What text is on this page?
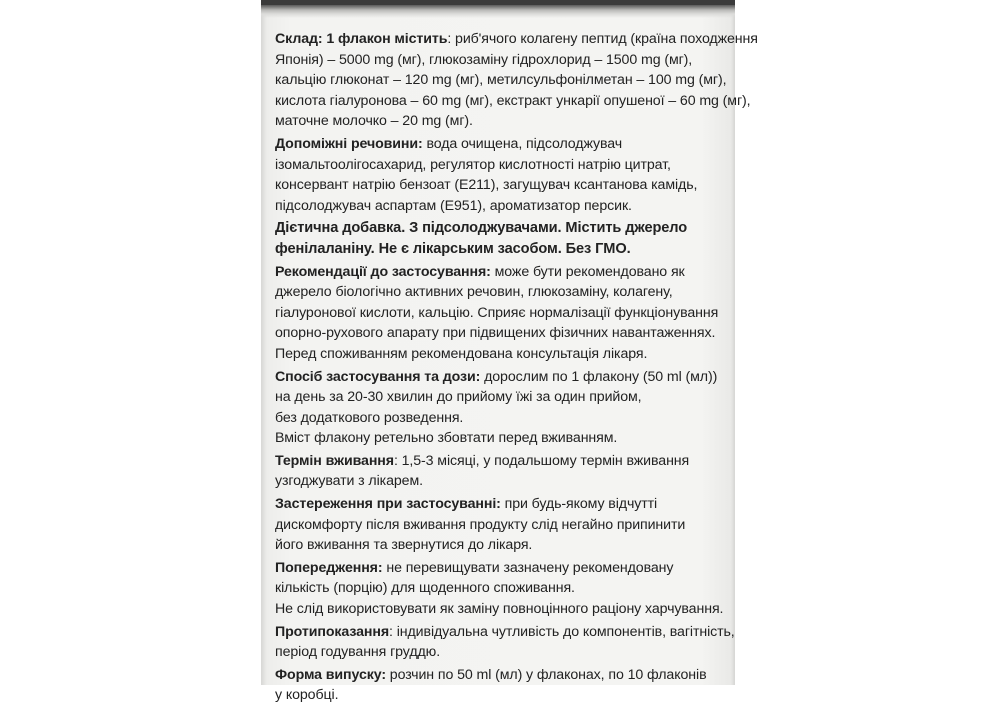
Склад: 1 флакон містить: риб'ячого колагену пептид (країна походження
Японія) – 5000 mg (мг), глюкозаміну гідрохлорид – 1500 mg (мг),
кальцію глюконат – 120 mg (мг), метилсульфонілметан – 100 mg (мг),
кислота гіалуронова – 60 mg (мг), екстракт ункарії опушеної – 60 mg (мг),
маточне молочко – 20 mg (мг).
Допоміжні речовини: вода очищена, підсолоджувач
ізомальтоолігосахарид, регулятор кислотності натрію цитрат,
консервант натрію бензоат (E211), загущувач ксантанова камідь,
підсолоджувач аспартам (E951), ароматизатор персик.
Дієтична добавка. З підсолоджувачами. Містить джерело
фенілаланіну. Не є лікарським засобом. Без ГМО.
Рекомендації до застосування: може бути рекомендовано як
джерело біологічно активних речовин, глюкозаміну, колагену,
гіалуронової кислоти, кальцію. Сприяє нормалізації функціонування
опорно-рухового апарату при підвищених фізичних навантаженнях.
Перед споживанням рекомендована консультація лікаря.
Спосіб застосування та дози: дорослим по 1 флакону (50 ml (мл))
на день за 20-30 хвилин до прийому їжі за один прийом,
без додаткового розведення.
Вміст флакону ретельно збовтати перед вживанням.
Термін вживання: 1,5-3 місяці, у подальшому термін вживання
узгоджувати з лікарем.
Застереження при застосуванні: при будь-якому відчутті
дискомфорту після вживання продукту слід негайно припинити
його вживання та звернутися до лікаря.
Попередження: не перевищувати зазначену рекомендовану
кількість (порцію) для щоденного споживання.
Не слід використовувати як заміну повноцінного раціону харчування.
Протипоказання: індивідуальна чутливість до компонентів, вагітність,
період годування груддю.
Форма випуску: розчин по 50 ml (мл) у флаконах, по 10 флаконів
у коробці.
